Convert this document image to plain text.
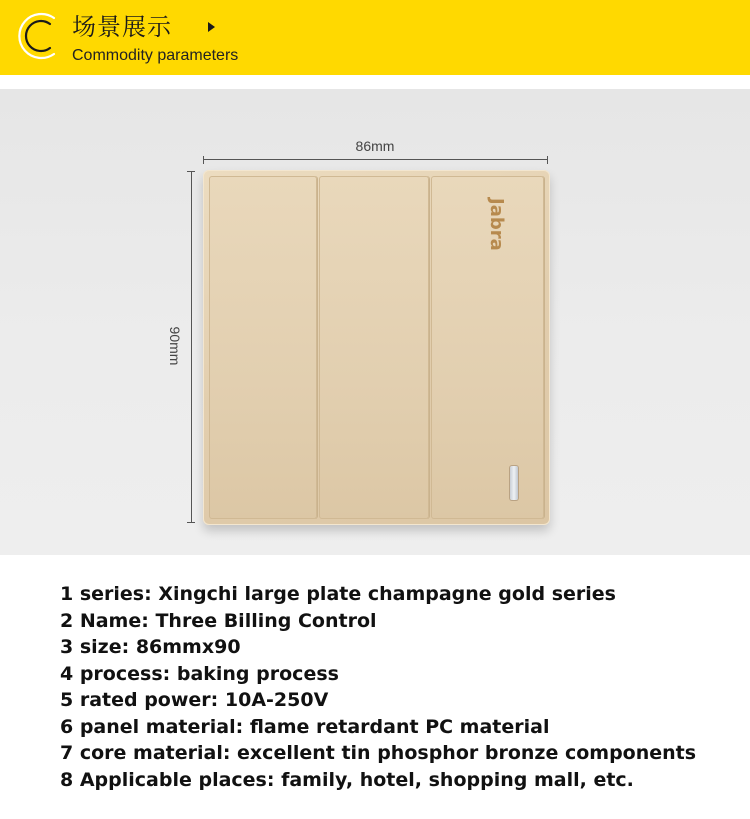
场景展示
Commodity parameters
86mm
90mm
Jabra
1 series: Xingchi large plate champagne gold series
2 Name: Three Billing Control
3 size: 86mmx90
4 process: baking process
5 rated power: 10A-250V
6 panel material: flame retardant PC material
7 core material: excellent tin phosphor bronze components
8 Applicable places: family, hotel, shopping mall, etc.
